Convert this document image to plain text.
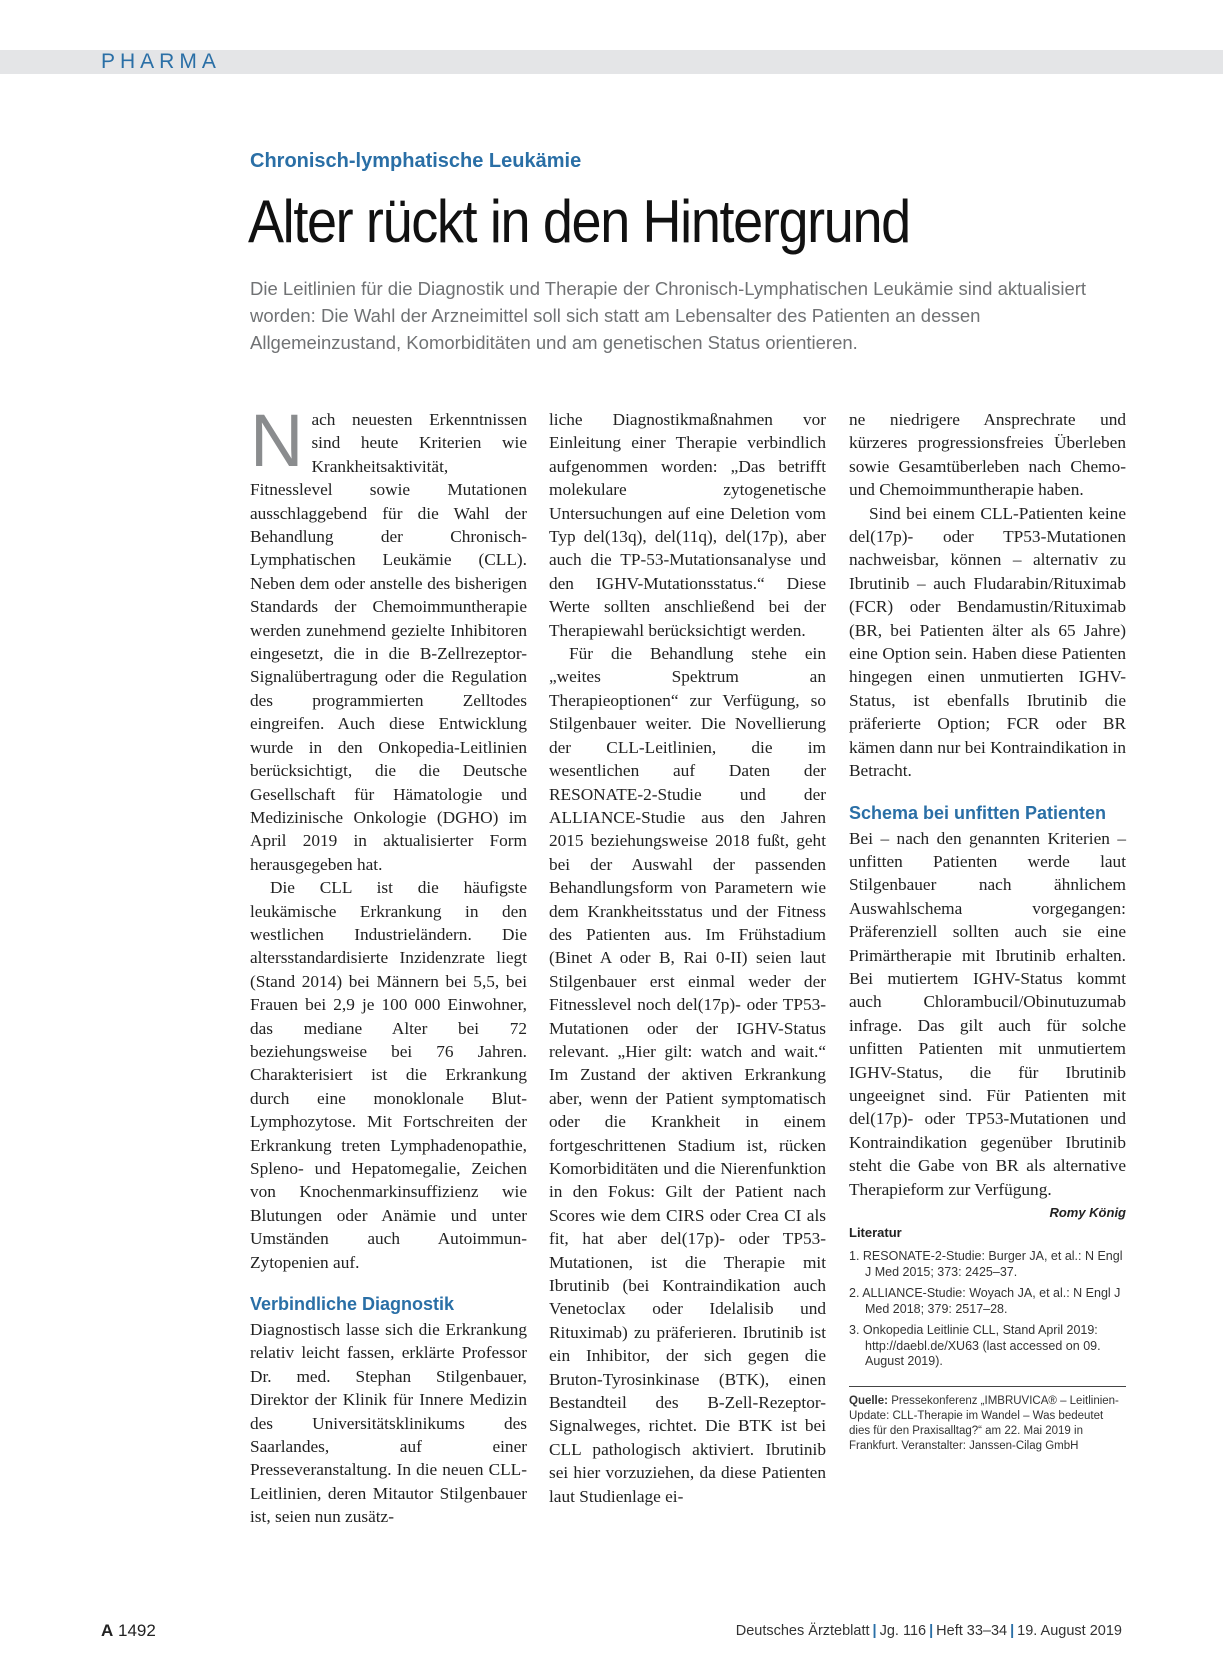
PHARMA
Chronisch-lymphatische Leukämie
Alter rückt in den Hintergrund
Die Leitlinien für die Diagnostik und Therapie der Chronisch-Lymphatischen Leukämie sind aktualisiert worden: Die Wahl der Arzneimittel soll sich statt am Lebensalter des Patienten an dessen Allgemeinzustand, Komorbiditäten und am genetischen Status orientieren.
N ach neuesten Erkenntnissen sind heute Kriterien wie Krankheitsaktivität, Fitnesslevel sowie Mutationen ausschlaggebend für die Wahl der Behandlung der Chronisch-Lymphatischen Leukämie (CLL). Neben dem oder anstelle des bisherigen Standards der Chemoimmuntherapie werden zunehmend gezielte Inhibitoren eingesetzt, die in die B-Zellrezeptor-Signalübertragung oder die Regulation des programmierten Zelltodes eingreifen. Auch diese Entwicklung wurde in den Onkopedia-Leitlinien berücksichtigt, die die Deutsche Gesellschaft für Hämatologie und Medizinische Onkologie (DGHO) im April 2019 in aktualisierter Form herausgegeben hat.

Die CLL ist die häufigste leukämische Erkrankung in den westlichen Industrieländern. Die altersstandardisierte Inzidenzrate liegt (Stand 2014) bei Männern bei 5,5, bei Frauen bei 2,9 je 100 000 Einwohner, das mediane Alter bei 72 beziehungsweise bei 76 Jahren. Charakterisiert ist die Erkrankung durch eine monoklonale Blut-Lymphozytose. Mit Fortschreiten der Erkrankung treten Lymphadenopathie, Spleno- und Hepatomegalie, Zeichen von Knochenmarkinsuffizienz wie Blutungen oder Anämie und unter Umständen auch Autoimmun-Zytopenien auf.

Verbindliche Diagnostik

Diagnostisch lasse sich die Erkrankung relativ leicht fassen, erklärte Professor Dr. med. Stephan Stilgenbauer, Direktor der Klinik für Innere Medizin des Universitätsklinikums des Saarlandes, auf einer Presseveranstaltung. In die neuen CLL-Leitlinien, deren Mitautor Stilgenbauer ist, seien nun zusätz-

liche Diagnostikmaßnahmen vor Einleitung einer Therapie verbindlich aufgenommen worden: „Das betrifft molekulare zytogenetische Untersuchungen auf eine Deletion vom Typ del(13q), del(11q), del(17p), aber auch die TP-53-Mutationsanalyse und den IGHV-Mutationsstatus.“ Diese Werte sollten anschließend bei der Therapiewahl berücksichtigt werden.

Für die Behandlung stehe ein „weites Spektrum an Therapieoptionen“ zur Verfügung, so Stilgenbauer weiter. Die Novellierung der CLL-Leitlinien, die im wesentlichen auf Daten der RESONATE-2-Studie und der ALLIANCE-Studie aus den Jahren 2015 beziehungsweise 2018 fußt, geht bei der Auswahl der passenden Behandlungsform von Parametern wie dem Krankheitsstatus und der Fitness des Patienten aus. Im Frühstadium (Binet A oder B, Rai 0-II) seien laut Stilgenbauer erst einmal weder der Fitnesslevel noch del(17p)- oder TP53-Mutationen oder der IGHV-Status relevant. „Hier gilt: watch and wait.“ Im Zustand der aktiven Erkrankung aber, wenn der Patient symptomatisch oder die Krankheit in einem fortgeschrittenen Stadium ist, rücken Komorbiditäten und die Nierenfunktion in den Fokus: Gilt der Patient nach Scores wie dem CIRS oder Crea CI als fit, hat aber del(17p)- oder TP53-Mutationen, ist die Therapie mit Ibrutinib (bei Kontraindikation auch Venetoclax oder Idelalisib und Rituximab) zu präferieren. Ibrutinib ist ein Inhibitor, der sich gegen die Bruton-Tyrosinkinase (BTK), einen Bestandteil des B-Zell-Rezeptor-Signalweges, richtet. Die BTK ist bei CLL pathologisch aktiviert. Ibrutinib sei hier vorzuziehen, da diese Patienten laut Studienlage ei-

ne niedrigere Ansprechrate und kürzeres progressionsfreies Überleben sowie Gesamtüberleben nach Chemo- und Chemoimmuntherapie haben.

Sind bei einem CLL-Patienten keine del(17p)- oder TP53-Mutationen nachweisbar, können – alternativ zu Ibrutinib – auch Fludarabin/Rituximab (FCR) oder Bendamustin/Rituximab (BR, bei Patienten älter als 65 Jahre) eine Option sein. Haben diese Patienten hingegen einen unmutierten IGHV-Status, ist ebenfalls Ibrutinib die präferierte Option; FCR oder BR kämen dann nur bei Kontraindikation in Betracht.

Schema bei unfitten Patienten

Bei – nach den genannten Kriterien – unfitten Patienten werde laut Stilgenbauer nach ähnlichem Auswahlschema vorgegangen: Präferenziell sollten auch sie eine Primärtherapie mit Ibrutinib erhalten. Bei mutiertem IGHV-Status kommt auch Chlorambucil/Obinutuzumab infrage. Das gilt auch für solche unfitten Patienten mit unmutiertem IGHV-Status, die für Ibrutinib ungeeignet sind. Für Patienten mit del(17p)- oder TP53-Mutationen und Kontraindikation gegenüber Ibrutinib steht die Gabe von BR als alternative Therapieform zur Verfügung.
Romy König

Literatur
1. RESONATE-2-Studie: Burger JA, et al.: N Engl J Med 2015; 373: 2425–37.
2. ALLIANCE-Studie: Woyach JA, et al.: N Engl J Med 2018; 379: 2517–28.
3. Onkopedia Leitlinie CLL, Stand April 2019: http://daebl.de/XU63 (last accessed on 09. August 2019).
Quelle: Pressekonferenz „IMBRUVICA® – Leitlinien-Update: CLL-Therapie im Wandel – Was bedeutet dies für den Praxisalltag?“ am 22. Mai 2019 in Frankfurt. Veranstalter: Janssen-Cilag GmbH
A 1492	Deutsches Ärzteblatt | Jg. 116 | Heft 33–34 | 19. August 2019
